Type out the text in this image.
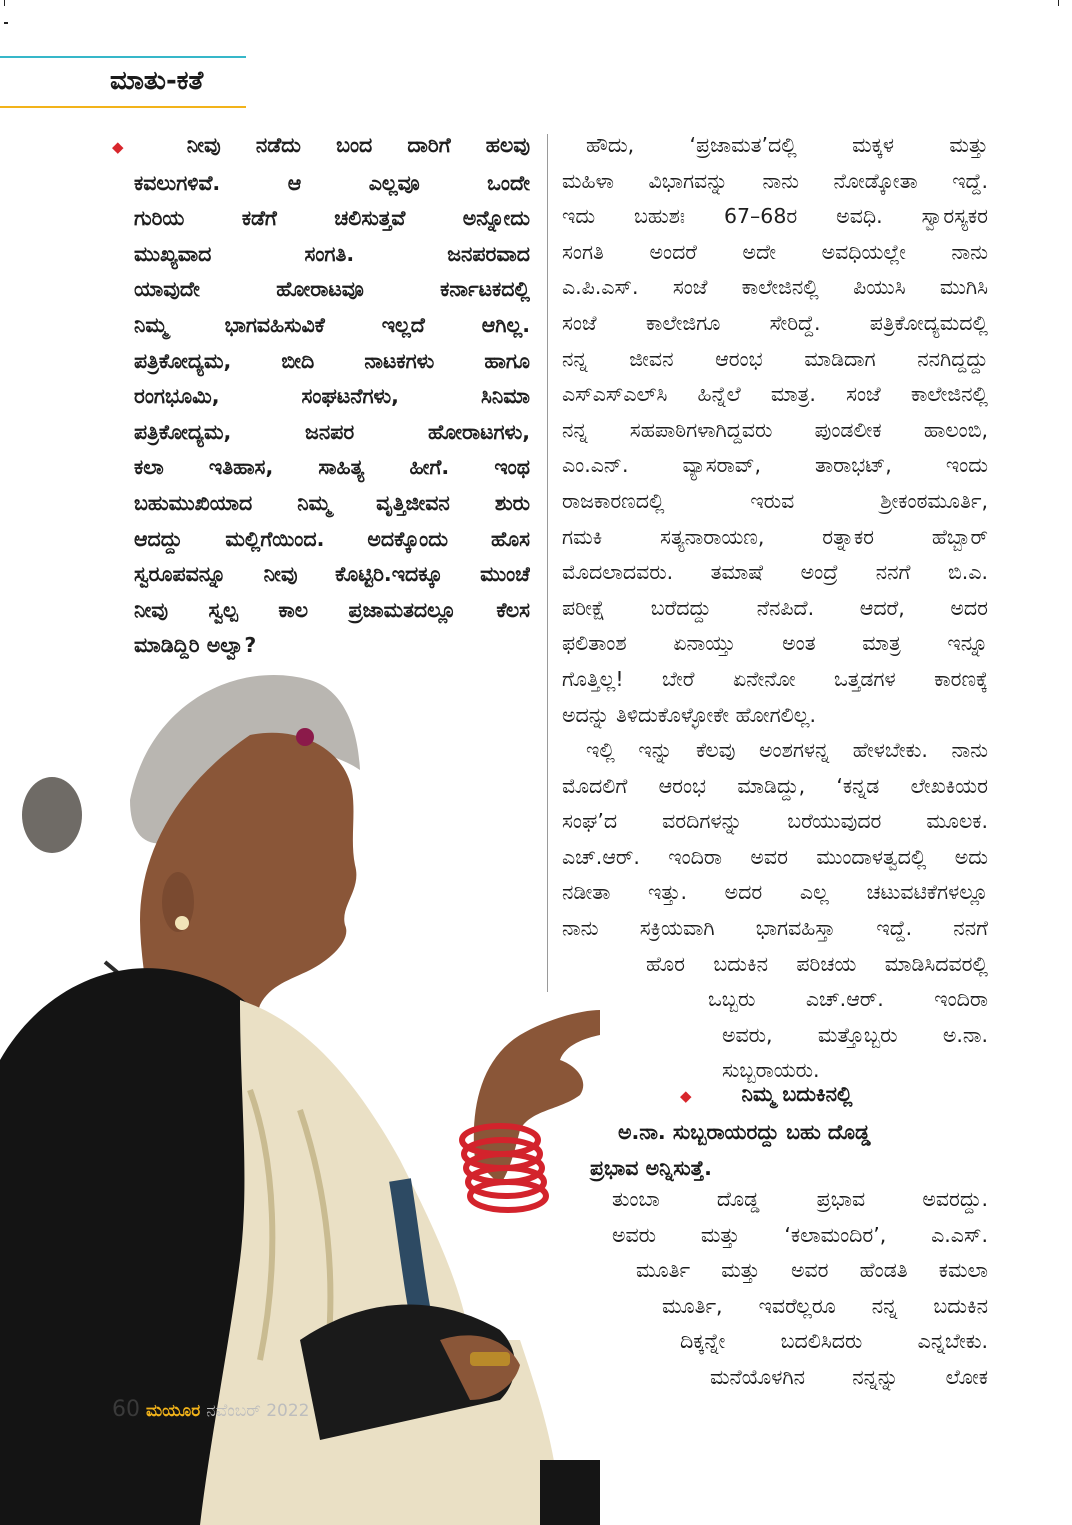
ಮಾತು-ಕತೆ
◆ ನೀವು ನಡೆದು ಬಂದ ದಾರಿಗೆ ಹಲವು
ಕವಲುಗಳಿವೆ. ಆ ಎಲ್ಲವೂ ಒಂದೇ
ಗುರಿಯ ಕಡೆಗೆ ಚಲಿಸುತ್ತವೆ ಅನ್ನೋದು
ಮುಖ್ಯವಾದ ಸಂಗತಿ. ಜನಪರವಾದ
ಯಾವುದೇ ಹೋರಾಟವೂ ಕರ್ನಾಟಕದಲ್ಲಿ
ನಿಮ್ಮ ಭಾಗವಹಿಸುವಿಕೆ ಇಲ್ಲದೆ ಆಗಿಲ್ಲ.
ಪತ್ರಿಕೋದ್ಯಮ, ಬೀದಿ ನಾಟಕಗಳು ಹಾಗೂ
ರಂಗಭೂಮಿ, ಸಂಘಟನೆಗಳು, ಸಿನಿಮಾ
ಪತ್ರಿಕೋದ್ಯಮ, ಜನಪರ ಹೋರಾಟಗಳು,
ಕಲಾ ಇತಿಹಾಸ, ಸಾಹಿತ್ಯ ಹೀಗೆ. ಇಂಥ
ಬಹುಮುಖಿಯಾದ ನಿಮ್ಮ ವೃತ್ತಿಜೀವನ ಶುರು
ಆದದ್ದು ಮಲ್ಲಿಗೆಯಿಂದ. ಅದಕ್ಕೊಂದು ಹೊಸ
ಸ್ವರೂಪವನ್ನೂ ನೀವು ಕೊಟ್ಟಿರಿ.ಇದಕ್ಕೂ ಮುಂಚೆ
ನೀವು ಸ್ವಲ್ಪ ಕಾಲ ಪ್ರಜಾಮತದಲ್ಲೂ ಕೆಲಸ
ಮಾಡಿದ್ದಿರಿ ಅಲ್ವಾ?
ಹೌದು, ‘ಪ್ರಜಾಮತ’ದಲ್ಲಿ ಮಕ್ಕಳ ಮತ್ತು
ಮಹಿಳಾ ವಿಭಾಗವನ್ನು ನಾನು ನೋಡ್ಕೋತಾ ಇದ್ದೆ.
ಇದು ಬಹುಶಃ 67–68ರ ಅವಧಿ. ಸ್ವಾರಸ್ಯಕರ
ಸಂಗತಿ ಅಂದರೆ ಅದೇ ಅವಧಿಯಲ್ಲೇ ನಾನು
ಎ.ಪಿ.ಎಸ್. ಸಂಜೆ ಕಾಲೇಜಿನಲ್ಲಿ ಪಿಯುಸಿ ಮುಗಿಸಿ
ಸಂಜೆ ಕಾಲೇಜಿಗೂ ಸೇರಿದ್ದೆ. ಪತ್ರಿಕೋದ್ಯಮದಲ್ಲಿ
ನನ್ನ ಜೀವನ ಆರಂಭ ಮಾಡಿದಾಗ ನನಗಿದ್ದದ್ದು
ಎಸ್‌ಎಸ್‌ಎಲ್‌ಸಿ ಹಿನ್ನೆಲೆ ಮಾತ್ರ. ಸಂಜೆ ಕಾಲೇಜಿನಲ್ಲಿ
ನನ್ನ ಸಹಪಾಠಿಗಳಾಗಿದ್ದವರು ಪುಂಡಲೀಕ ಹಾಲಂಬಿ,
ಎಂ.ಎನ್. ವ್ಯಾಸರಾವ್, ತಾರಾಭಟ್, ಇಂದು
ರಾಜಕಾರಣದಲ್ಲಿ ಇರುವ ಶ್ರೀಕಂಠಮೂರ್ತಿ,
ಗಮಕಿ ಸತ್ಯನಾರಾಯಣ, ರತ್ನಾಕರ ಹೆಬ್ಬಾರ್
ಮೊದಲಾದವರು. ತಮಾಷೆ ಅಂದ್ರೆ ನನಗೆ ಬಿ.ಎ.
ಪರೀಕ್ಷೆ ಬರೆದದ್ದು ನೆನಪಿದೆ. ಆದರೆ, ಅದರ
ಫಲಿತಾಂಶ ಏನಾಯ್ತು ಅಂತ ಮಾತ್ರ ಇನ್ನೂ
ಗೊತ್ತಿಲ್ಲ! ಬೇರೆ ಏನೇನೋ ಒತ್ತಡಗಳ ಕಾರಣಕ್ಕೆ
ಅದನ್ನು ತಿಳಿದುಕೊಳ್ಳೋಕೇ ಹೋಗಲಿಲ್ಲ.
ಇಲ್ಲಿ ಇನ್ನು ಕೆಲವು ಅಂಶಗಳನ್ನ ಹೇಳಬೇಕು. ನಾನು
ಮೊದಲಿಗೆ ಆರಂಭ ಮಾಡಿದ್ದು, ‘ಕನ್ನಡ ಲೇಖಕಿಯರ
ಸಂಘ’ದ ವರದಿಗಳನ್ನು ಬರೆಯುವುದರ ಮೂಲಕ.
ಎಚ್.ಆರ್. ಇಂದಿರಾ ಅವರ ಮುಂದಾಳತ್ವದಲ್ಲಿ ಅದು
ನಡೀತಾ ಇತ್ತು. ಅದರ ಎಲ್ಲ ಚಟುವಟಿಕೆಗಳಲ್ಲೂ
ನಾನು ಸಕ್ರಿಯವಾಗಿ ಭಾಗವಹಿಸ್ತಾ ಇದ್ದೆ. ನನಗೆ
ಹೊರ ಬದುಕಿನ ಪರಿಚಯ ಮಾಡಿಸಿದವರಲ್ಲಿ
ಒಬ್ಬರು ಎಚ್.ಆರ್. ಇಂದಿರಾ
ಅವರು, ಮತ್ತೊಬ್ಬರು ಅ.ನಾ.
ಸುಬ್ಬರಾಯರು.
◆ ನಿಮ್ಮ ಬದುಕಿನಲ್ಲಿ
ಅ.ನಾ. ಸುಬ್ಬರಾಯರದ್ದು ಬಹು ದೊಡ್ಡ
ಪ್ರಭಾವ ಅನ್ನಿಸುತ್ತೆ.
ತುಂಬಾ ದೊಡ್ಡ ಪ್ರಭಾವ ಅವರದ್ದು.
ಅವರು ಮತ್ತು ‘ಕಲಾಮಂದಿರ’, ಎ.ಎಸ್.
ಮೂರ್ತಿ ಮತ್ತು ಅವರ ಹೆಂಡತಿ ಕಮಲಾ
ಮೂರ್ತಿ, ಇವರೆಲ್ಲರೂ ನನ್ನ ಬದುಕಿನ
ದಿಕ್ಕನ್ನೇ ಬದಲಿಸಿದರು ಎನ್ನಬೇಕು.
ಮನೆಯೊಳಗಿನ ನನ್ನನ್ನು ಲೋಕ
60 ಮಯೂರ ನವೆಂಬರ್ 2022
